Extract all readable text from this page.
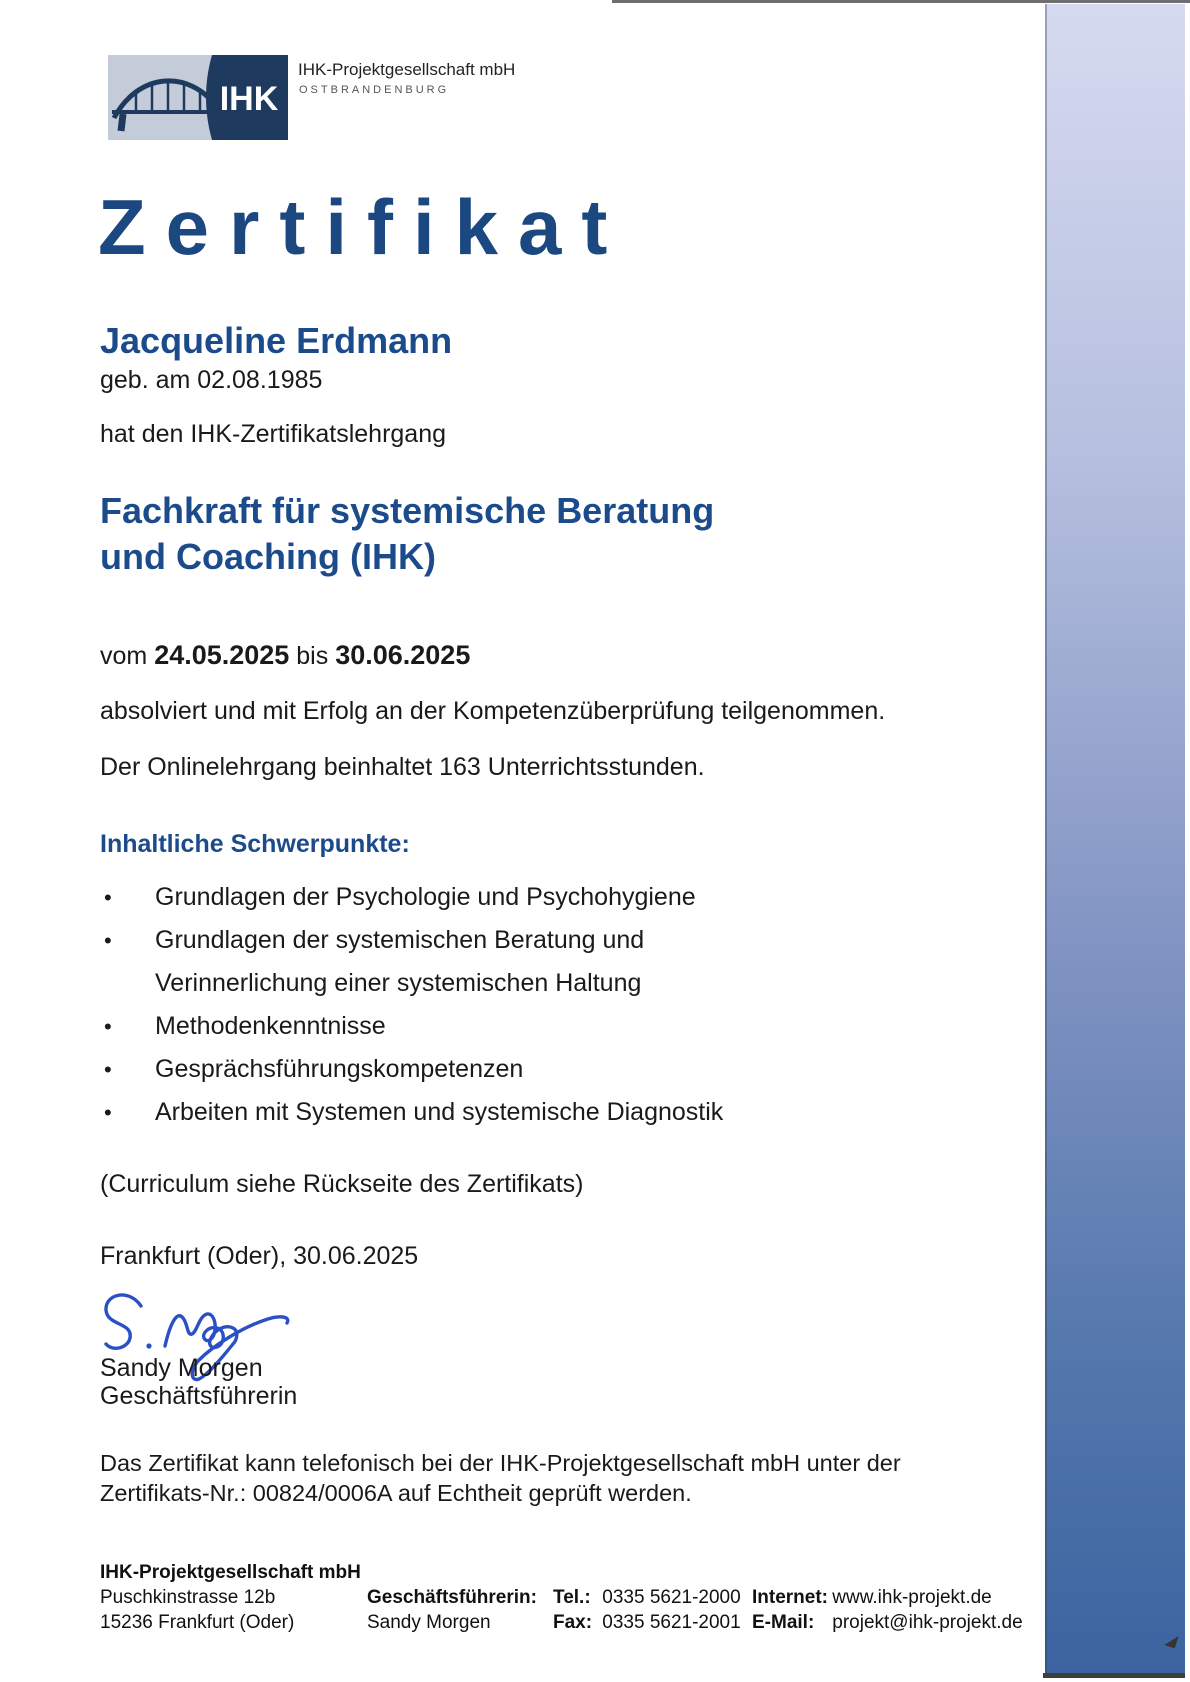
IHK
IHK-Projektgesellschaft mbH
OSTBRANDENBURG
Zertifikat
Jacqueline Erdmann
geb. am 02.08.1985
hat den IHK-Zertifikatslehrgang
Fachkraft für systemische Beratung
und Coaching (IHK)
vom 24.05.2025 bis 30.06.2025
absolviert und mit Erfolg an der Kompetenzüberprüfung teilgenommen.
Der Onlinelehrgang beinhaltet 163 Unterrichtsstunden.
Inhaltliche Schwerpunkte:
• Grundlagen der Psychologie und Psychohygiene
• Grundlagen der systemischen Beratung und
Verinnerlichung einer systemischen Haltung
• Methodenkenntnisse
• Gesprächsführungskompetenzen
• Arbeiten mit Systemen und systemische Diagnostik
(Curriculum siehe Rückseite des Zertifikats)
Frankfurt (Oder), 30.06.2025
Sandy Morgen
Geschäftsführerin
Das Zertifikat kann telefonisch bei der IHK-Projektgesellschaft mbH unter der
Zertifikats-Nr.: 00824/0006A auf Echtheit geprüft werden.
IHK-Projektgesellschaft mbH
Puschkinstrasse 12b
15236 Frankfurt (Oder)
Geschäftsführerin:
Sandy Morgen
Tel.: 0335 5621-2000
Fax: 0335 5621-2001
Internet: www.ihk-projekt.de
E-Mail: projekt@ihk-projekt.de
